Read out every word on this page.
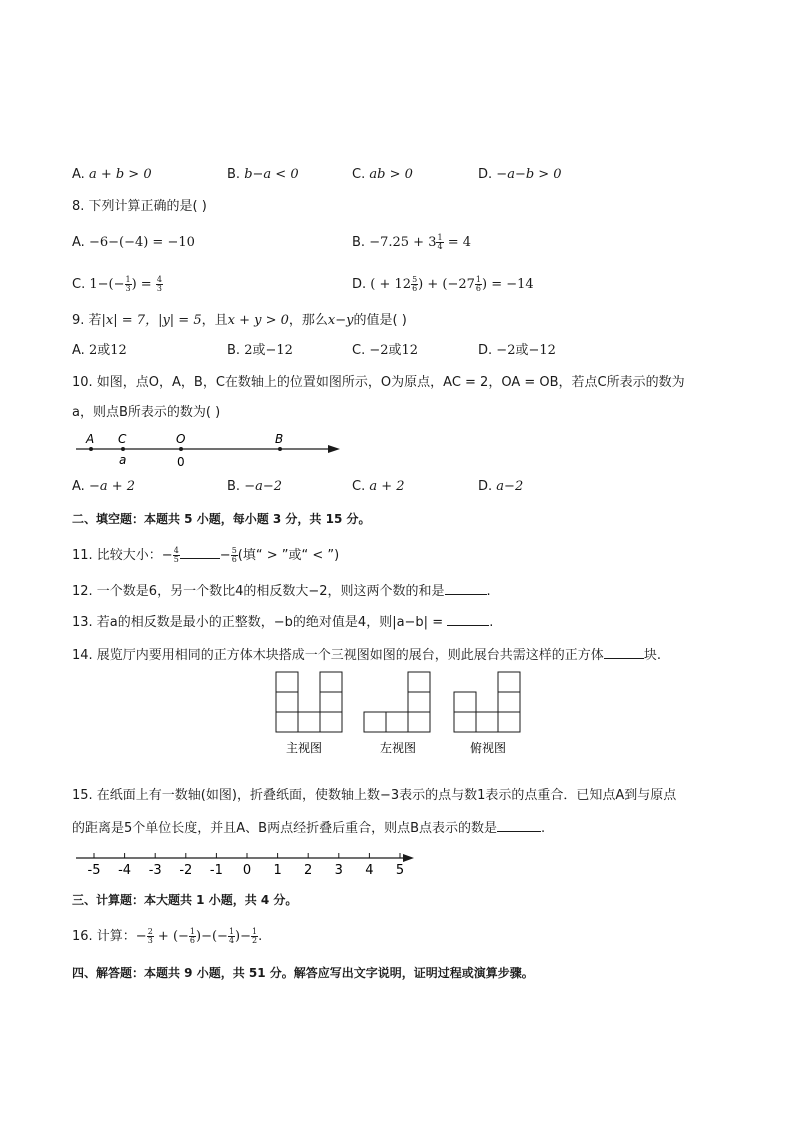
A. a + b > 0	B. b−a < 0	C. ab > 0	D. −a−b > 0
8. 下列计算正确的是( )
A. −6−(−4) = −10	B. $-7.25 + 3 \frac{1}{4} = 4$
C. $1-(- \frac{1}{3}$ ) = $\frac{4}{3}$	D. ( + $12 \frac{5}{6}$ ) + ($-27 \frac{1}{6}$ ) = −14
9. 若|x| = 7，|y| = 5，且x + y > 0，那么x−y的值是( )
A. 2或12	B. 2或−12	C. −2或12	D. −2或−12
10. 如图，点O，A，B，C在数轴上的位置如图所示，O为原点，AC = 2，OA = OB，若点C所表示的数为
a，则点B所表示的数为( )
A C	O	B
a	0
A. −a + 2	B. −a−2	C. a + 2	D. a−2
二、填空题：本题共 5 小题，每小题 3 分，共 15 分。
11. 比较大小：− $\frac{4}{5}$	− $\frac{5}{6}$ (填“ > ”或“ < ”)
12. 一个数是6，另一个数比4的相反数大−2，则这两个数的和是	.
13. 若a的相反数是最小的正整数，−b的绝对值是4，则|a−b| =	.
14. 展览厅内要用相同的正方体木块搭成一个三视图如图的展台，则此展台共需这样的正方体	块.
主视图	左视图	俯视图
15. 在纸面上有一数轴(如图)，折叠纸面，使数轴上数−3表示的点与数1表示的点重合．已知点A到与原点
的距离是5个单位长度，并且A、B两点经折叠后重合，则点B点表示的数是	.
-5 -4 -3 -2 -1 0 1 2 3 4 5
三、计算题：本大题共 1 小题，共 4 分。
16. 计算：− $\frac{2}{3}$ + (− $\frac{1}{6}$ )−(− $\frac{1}{4}$ )− $\frac{1}{2}$ .
四、解答题：本题共 9 小题，共 51 分。解答应写出文字说明，证明过程或演算步骤。
